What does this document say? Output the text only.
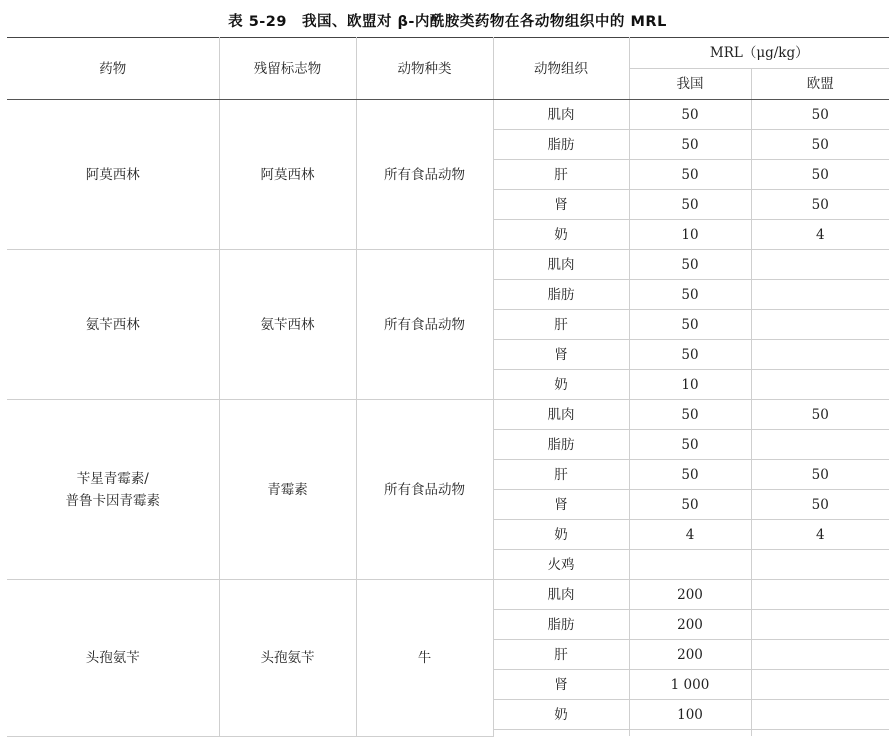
表 5-29　我国、欧盟对 β-内酰胺类药物在各动物组织中的 MRL
药物	残留标志物	动物种类	动物组织	MRL（μg/kg）	
				我国	欧盟
阿莫西林	阿莫西林	所有食品动物	肌肉	50	50
			脂肪	50	50
			肝	50	50
			肾	50	50
			奶	10	4
氨苄西林	氨苄西林	所有食品动物	肌肉	50	
			脂肪	50	
			肝	50	
			肾	50	
			奶	10	

苄星青霉素/
普鲁卡因青霉素	青霉素	所有食品动物	肌肉	50	50
			脂肪	50	
			肝	50	50
			肾	50	50
			奶	4	4
			火鸡		
头孢氨苄	头孢氨苄	牛	肌肉	200	
			脂肪	200	
			肝	200	
			肾	1 000	
			奶	100	
